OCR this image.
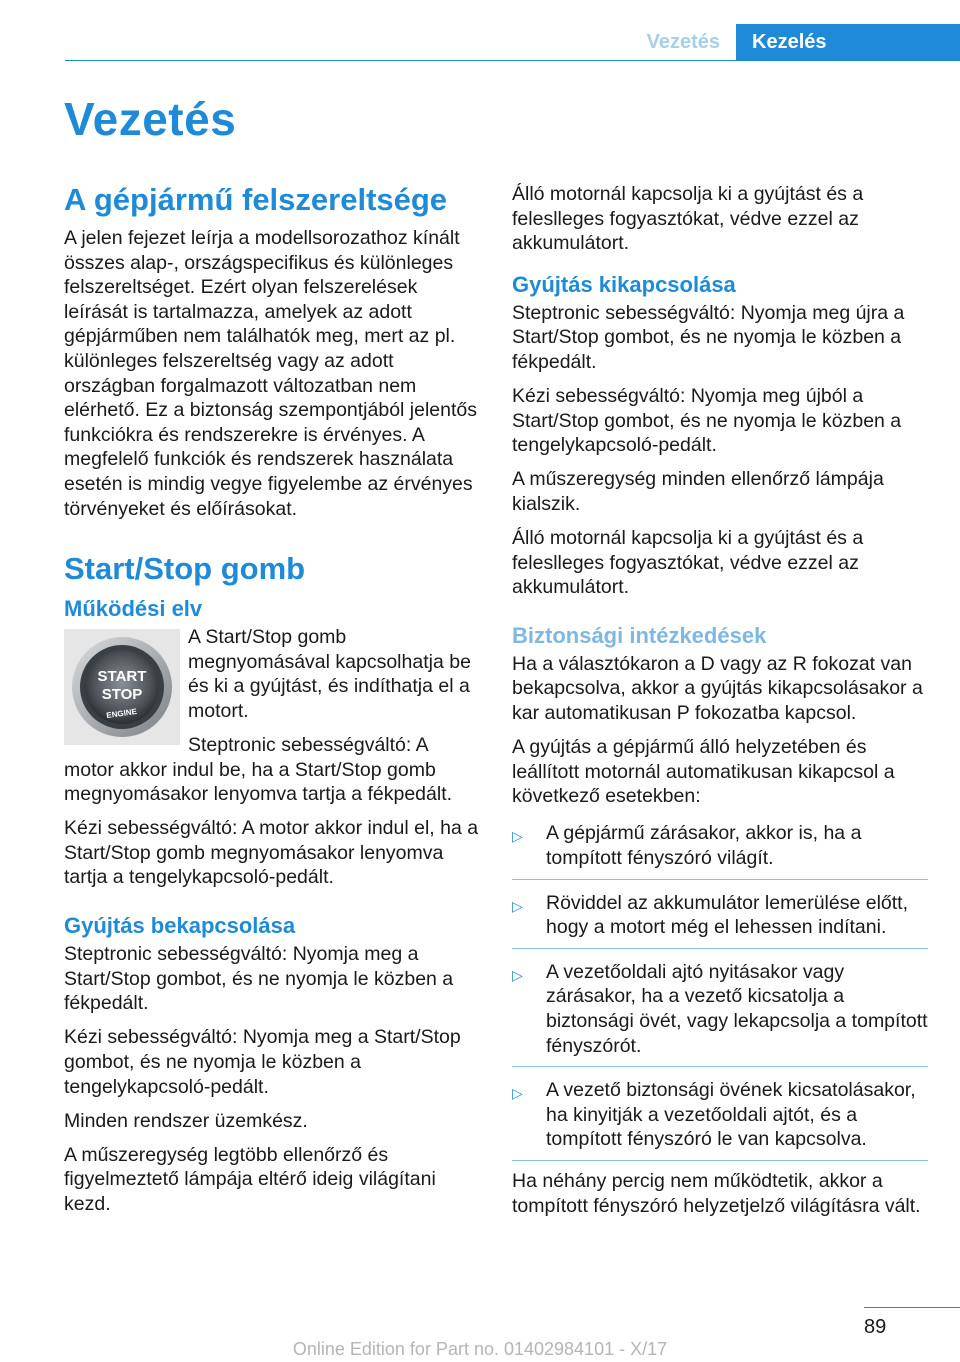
Vezetés	Kezelés
Vezetés
A gépjármű felszereltsége

A jelen fejezet leírja a modellsorozathoz kínált összes alap-, országspecifikus és különleges felszereltséget. Ezért olyan felszerelések leírását is tartalmazza, amelyek az adott gépjárműben nem találhatók meg, mert az pl. különleges felszereltség vagy az adott országban forgalmazott változatban nem elérhető. Ez a biztonság szempontjából jelentős funkciókra és rendszerekre is érvényes. A megfelelő funkciók és rendszerek használata esetén is mindig vegye figyelembe az érvényes törvényeket és előírásokat.

Start/Stop gomb
Működési elv
START
STOP
ENGINE

A Start/Stop gomb megnyomásával kapcsolhatja be és ki a gyújtást, és indíthatja el a motort.

Steptronic sebességváltó: A motor akkor indul be, ha a Start/Stop gomb megnyomásakor lenyomva tartja a fékpedált.

Kézi sebességváltó: A motor akkor indul el, ha a Start/Stop gomb megnyomásakor lenyomva tartja a tengelykapcsoló-pedált.

Gyújtás bekapcsolása

Steptronic sebességváltó: Nyomja meg a Start/Stop gombot, és ne nyomja le közben a fékpedált.

Kézi sebességváltó: Nyomja meg a Start/Stop gombot, és ne nyomja le közben a tengelykapcsoló-pedált.

Minden rendszer üzemkész.

A műszeregység legtöbb ellenőrző és figyelmeztető lámpája eltérő ideig világítani kezd.

Álló motornál kapcsolja ki a gyújtást és a feleslleges fogyasztókat, védve ezzel az akkumulátort.

Gyújtás kikapcsolása

Steptronic sebességváltó: Nyomja meg újra a Start/Stop gombot, és ne nyomja le közben a fékpedált.

Kézi sebességváltó: Nyomja meg újból a Start/Stop gombot, és ne nyomja le közben a tengelykapcsoló-pedált.

A műszeregység minden ellenőrző lámpája kialszik.

Álló motornál kapcsolja ki a gyújtást és a feleslleges fogyasztókat, védve ezzel az akkumulátort.

Biztonsági intézkedések

Ha a választókaron a D vagy az R fokozat van bekapcsolva, akkor a gyújtás kikapcsolásakor a kar automatikusan P fokozatba kapcsol.

A gyújtás a gépjármű álló helyzetében és leállított motornál automatikusan kikapcsol a következő esetekben:

▷ A gépjármű zárásakor, akkor is, ha a tompított fényszóró világít.
▷ Röviddel az akkumulátor lemerülése előtt, hogy a motort még el lehessen indítani.
▷ A vezetőoldali ajtó nyitásakor vagy zárásakor, ha a vezető kicsatolja a biztonsági övét, vagy lekapcsolja a tompított fényszórót.
▷ A vezető biztonsági övének kicsatolásakor, ha kinyitják a vezetőoldali ajtót, és a tompított fényszóró le van kapcsolva.

Ha néhány percig nem működtetik, akkor a tompított fényszóró helyzetjelző világításra vált.

89
Online Edition for Part no. 01402984101 - X/17
